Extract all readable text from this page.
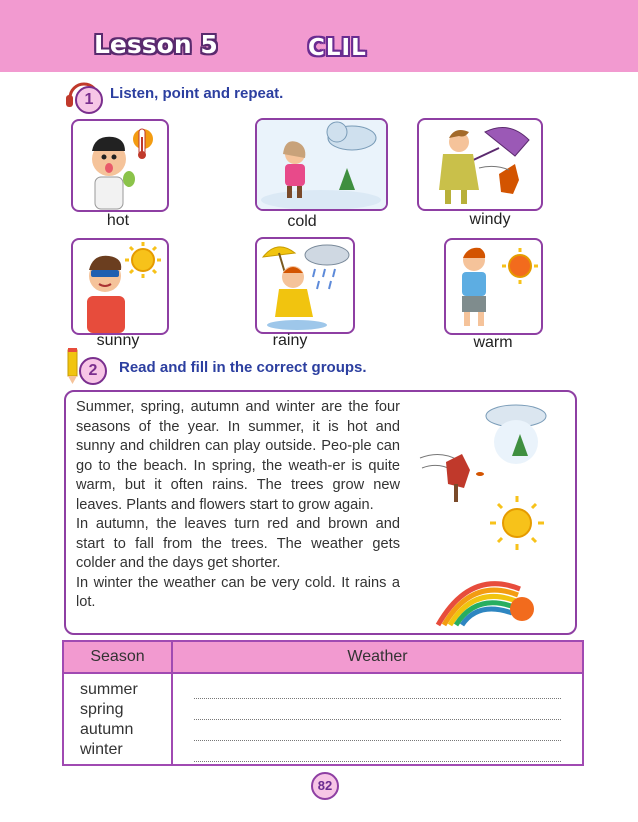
Lesson 5	CLIL
1	Listen, point and repeat.
hot	cold	windy
sunny	rainy	warm
2	Read and fill in the correct groups.

Summer, spring, autumn and winter are the four seasons of the year. In summer, it is hot and sunny and children can play outside. Peo-ple can go to the beach. In spring, the weath-er is quite warm, but it often rains. The trees grow new leaves. Plants and flowers start to grow again.

In autumn, the leaves turn red and brown and start to fall from the trees. The weather gets colder and the days get shorter.

In winter the weather can be very cold. It rains a lot.

Season	Weather

summer
spring
autumn
winter	

82
